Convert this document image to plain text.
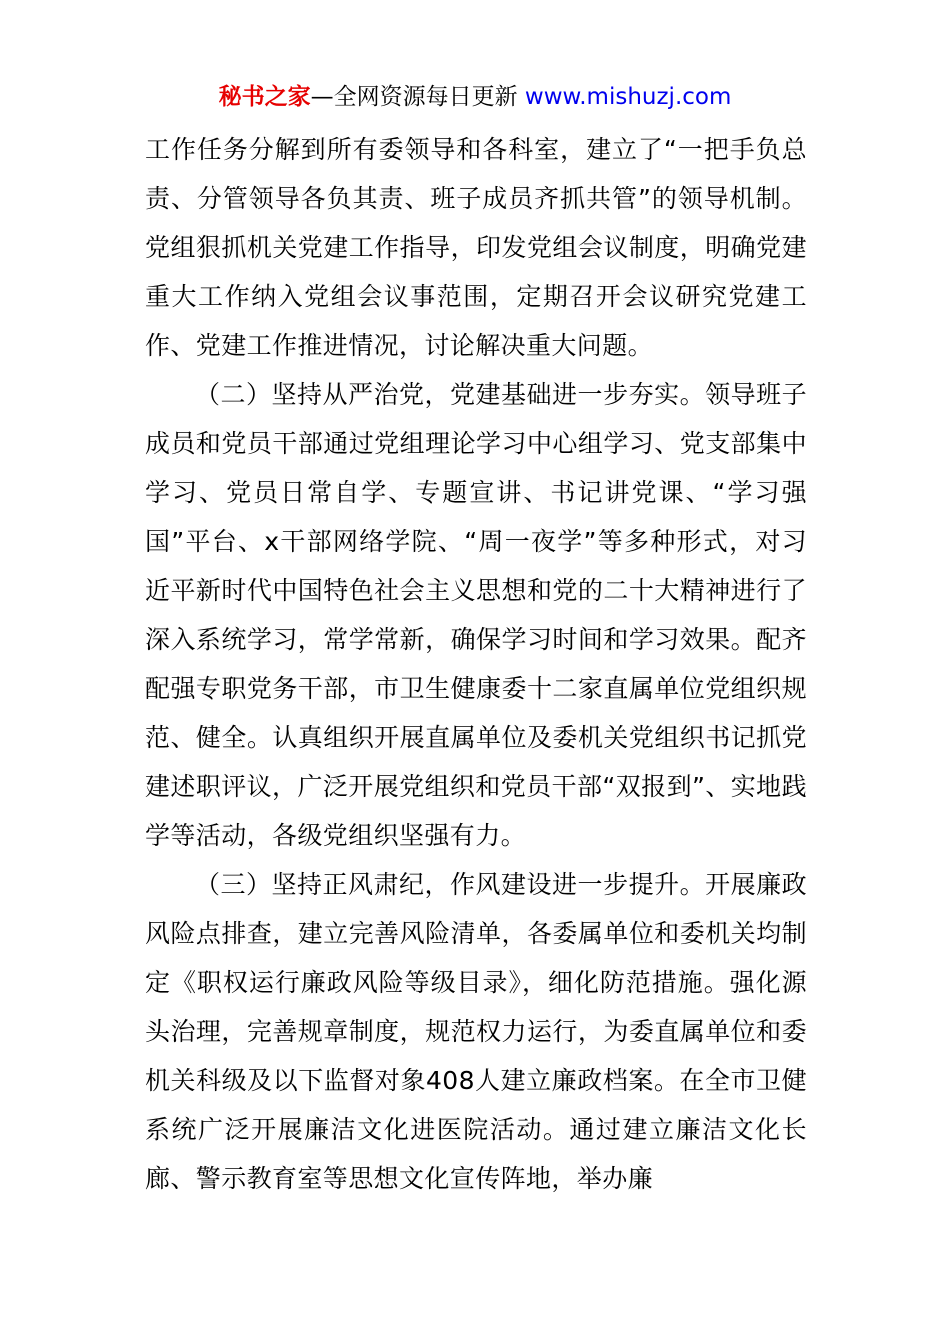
秘书之家—全网资源每日更新 www.mishuzj.com

工作任务分解到所有委领导和各科室，建立了“一把手负总责、分管领导各负其责、班子成员齐抓共管”的领导机制。党组狠抓机关党建工作指导，印发党组会议制度，明确党建重大工作纳入党组会议事范围，定期召开会议研究党建工作、党建工作推进情况，讨论解决重大问题。

（二）坚持从严治党，党建基础进一步夯实。领导班子成员和党员干部通过党组理论学习中心组学习、党支部集中学习、党员日常自学、专题宣讲、书记讲党课、“学习强国”平台、x干部网络学院、“周一夜学”等多种形式，对习近平新时代中国特色社会主义思想和党的二十大精神进行了深入系统学习，常学常新，确保学习时间和学习效果。配齐配强专职党务干部，市卫生健康委十二家直属单位党组织规范、健全。认真组织开展直属单位及委机关党组织书记抓党建述职评议，广泛开展党组织和党员干部“双报到”、实地践学等活动，各级党组织坚强有力。

（三）坚持正风肃纪，作风建设进一步提升。开展廉政风险点排查，建立完善风险清单，各委属单位和委机关均制定《职权运行廉政风险等级目录》，细化防范措施。强化源头治理，完善规章制度，规范权力运行，为委直属单位和委机关科级及以下监督对象408人建立廉政档案。在全市卫健系统广泛开展廉洁文化进医院活动。通过建立廉洁文化长廊、警示教育室等思想文化宣传阵地，举办廉
